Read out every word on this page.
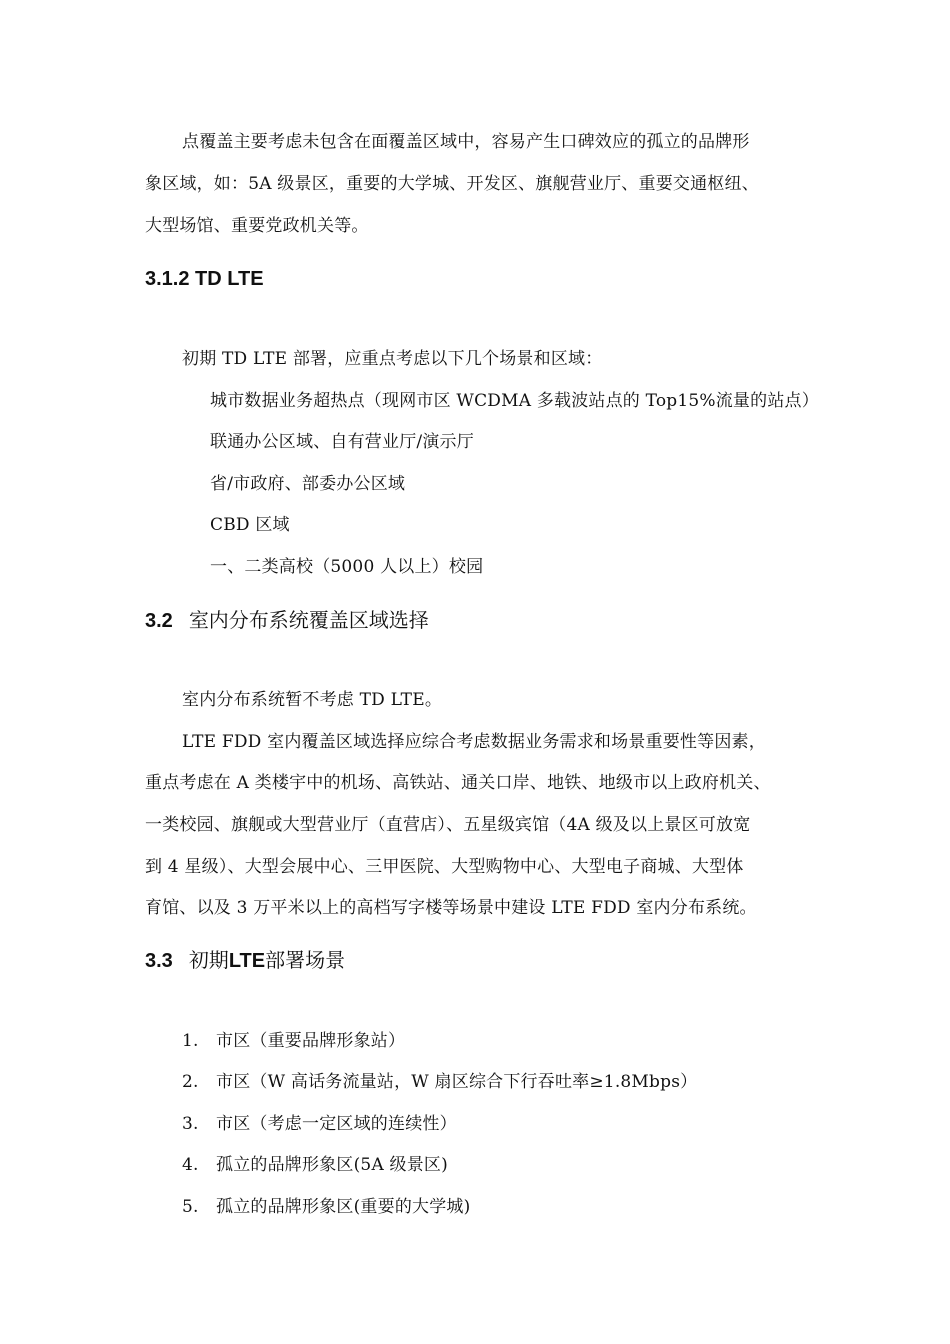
点覆盖主要考虑未包含在面覆盖区域中，容易产生口碑效应的孤立的品牌形
象区域，如：5A 级景区，重要的大学城、开发区、旗舰营业厅、重要交通枢纽、
大型场馆、重要党政机关等。
3.1.2 TD LTE
初期 TD LTE 部署，应重点考虑以下几个场景和区域：
城市数据业务超热点（现网市区 WCDMA 多载波站点的 Top15%流量的站点）
联通办公区域、自有营业厅/演示厅
省/市政府、部委办公区域
CBD 区域
一、二类高校（5000 人以上）校园
3.2 室内分布系统覆盖区域选择
室内分布系统暂不考虑 TD LTE。
LTE FDD 室内覆盖区域选择应综合考虑数据业务需求和场景重要性等因素，
重点考虑在 A 类楼宇中的机场、高铁站、通关口岸、地铁、地级市以上政府机关、
一类校园、旗舰或大型营业厅（直营店）、五星级宾馆（4A 级及以上景区可放宽
到 4 星级）、大型会展中心、三甲医院、大型购物中心、大型电子商城、大型体
育馆、以及 3 万平米以上的高档写字楼等场景中建设 LTE FDD 室内分布系统。
3.3 初期LTE部署场景
1. 市区（重要品牌形象站）
2. 市区（W 高话务流量站，W 扇区综合下行吞吐率≥1.8Mbps）
3. 市区（考虑一定区域的连续性）
4. 孤立的品牌形象区(5A 级景区)
5. 孤立的品牌形象区(重要的大学城)
